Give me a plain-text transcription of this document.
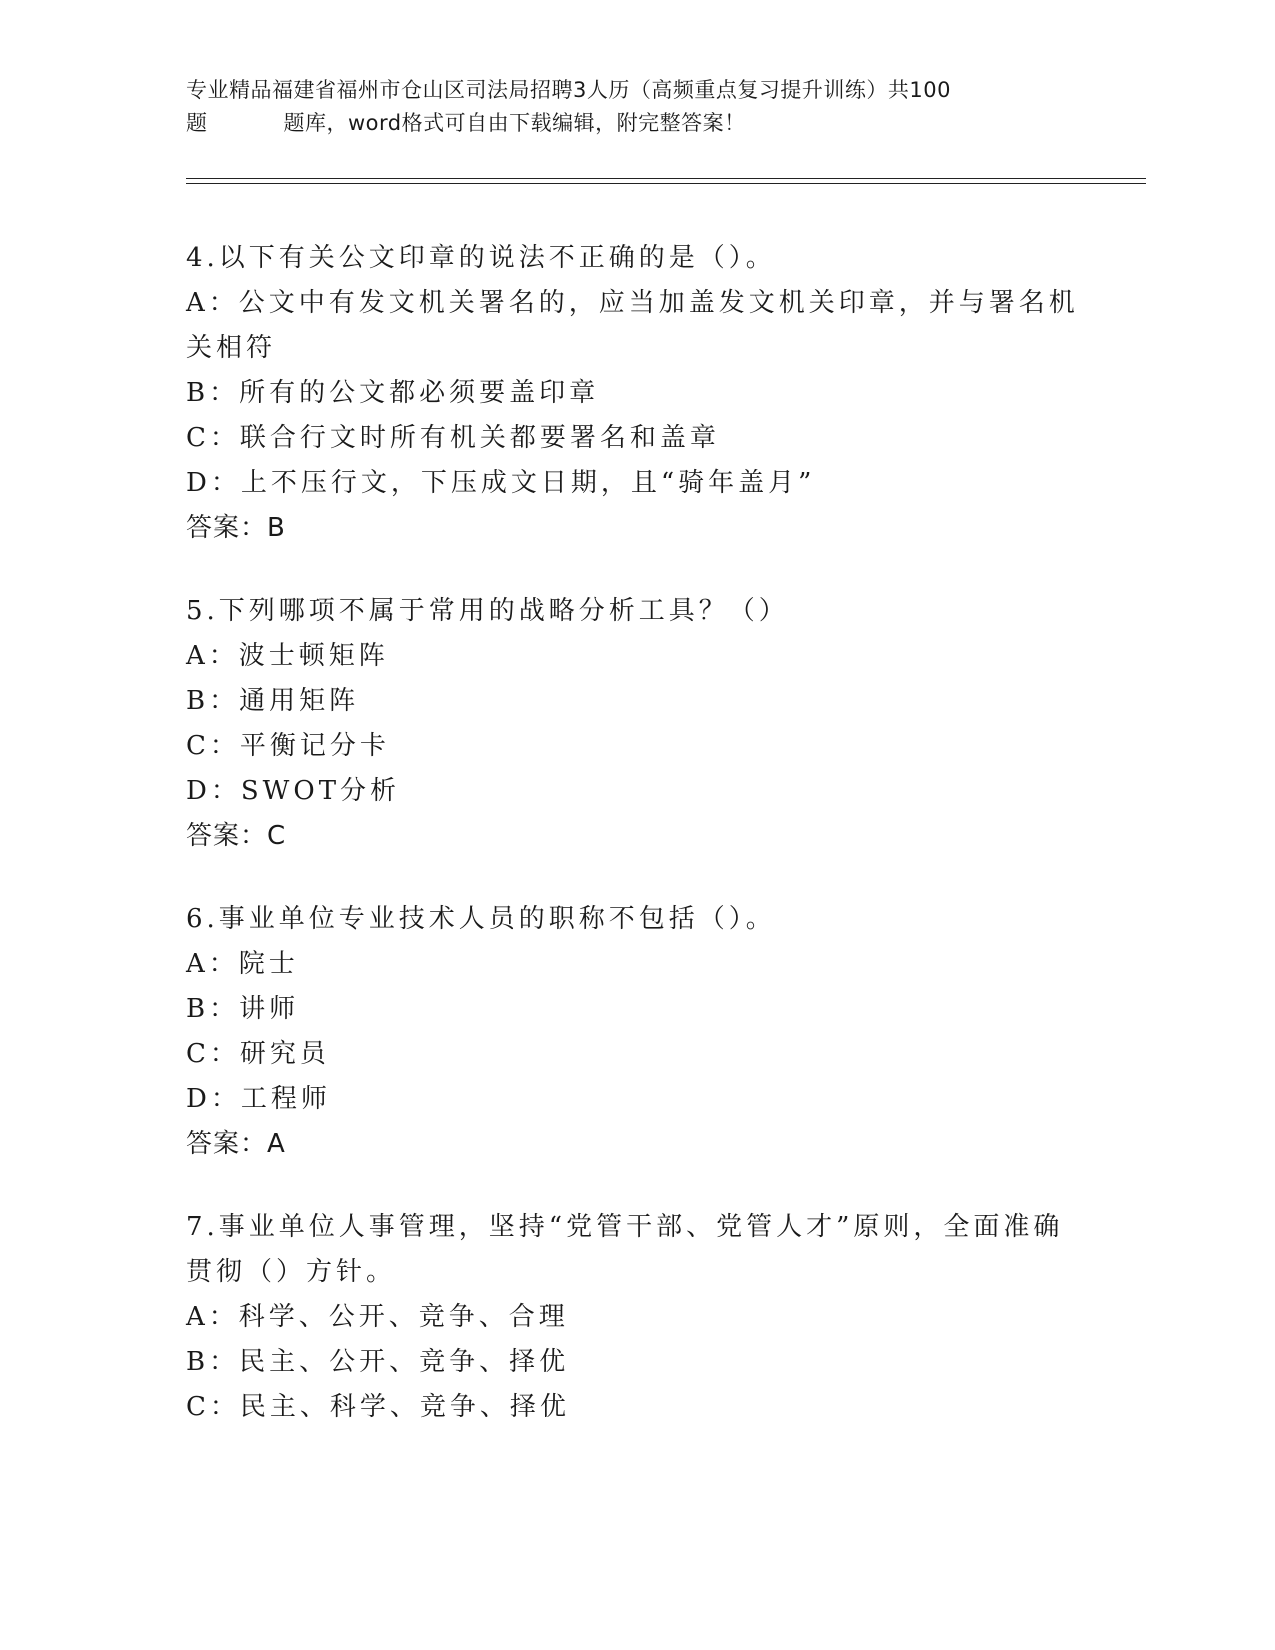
专业精品福建省福州市仓山区司法局招聘3人历（高频重点复习提升训练）共100
题	题库，word格式可自由下载编辑，附完整答案！
4.以下有关公文印章的说法不正确的是（）。
A：公文中有发文机关署名的，应当加盖发文机关印章，并与署名机关相符
B：所有的公文都必须要盖印章
C：联合行文时所有机关都要署名和盖章
D：上不压行文，下压成文日期，且“骑年盖月”
答案：B
5.下列哪项不属于常用的战略分析工具？（）
A：波士顿矩阵
B：通用矩阵
C：平衡记分卡
D：SWOT分析
答案：C
6.事业单位专业技术人员的职称不包括（）。
A：院士
B：讲师
C：研究员
D：工程师
答案：A
7.事业单位人事管理，坚持“党管干部、党管人才”原则，全面准确贯彻（）方针。
A：科学、公开、竞争、合理
B：民主、公开、竞争、择优
C：民主、科学、竞争、择优
